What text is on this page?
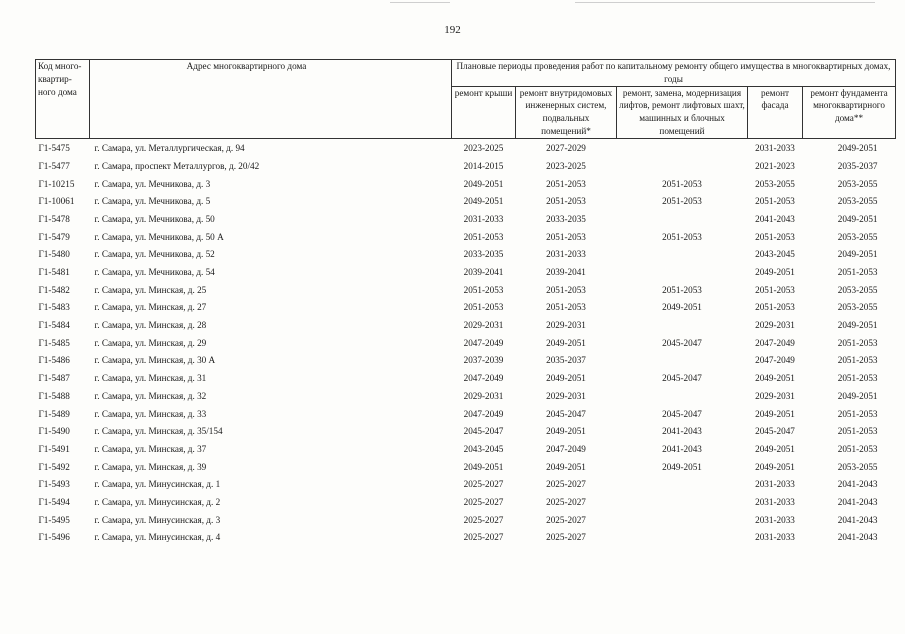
192
Код много-квартир-ного дома	Адрес многоквартирного дома	Плановые периоды проведения работ по капитальному ремонту общего имущества в многоквартирных домах, годы				
		ремонт крыши	ремонт внутридомовых инженерных систем, подвальных помещений*	ремонт, замена, модернизация лифтов, ремонт лифтовых шахт, машинных и блочных помещений	ремонт фасада	ремонт фундамента многоквартирного дома**
Г1-5475	г. Самара, ул. Металлургическая, д. 94	2023-2025	2027-2029		2031-2033	2049-2051
Г1-5477	г. Самара, проспект Металлургов, д. 20/42	2014-2015	2023-2025		2021-2023	2035-2037
Г1-10215	г. Самара, ул. Мечникова, д. 3	2049-2051	2051-2053	2051-2053	2053-2055	2053-2055
Г1-10061	г. Самара, ул. Мечникова, д. 5	2049-2051	2051-2053	2051-2053	2051-2053	2053-2055
Г1-5478	г. Самара, ул. Мечникова, д. 50	2031-2033	2033-2035		2041-2043	2049-2051
Г1-5479	г. Самара, ул. Мечникова, д. 50 А	2051-2053	2051-2053	2051-2053	2051-2053	2053-2055
Г1-5480	г. Самара, ул. Мечникова, д. 52	2033-2035	2031-2033		2043-2045	2049-2051
Г1-5481	г. Самара, ул. Мечникова, д. 54	2039-2041	2039-2041		2049-2051	2051-2053
Г1-5482	г. Самара, ул. Минская, д. 25	2051-2053	2051-2053	2051-2053	2051-2053	2053-2055
Г1-5483	г. Самара, ул. Минская, д. 27	2051-2053	2051-2053	2049-2051	2051-2053	2053-2055
Г1-5484	г. Самара, ул. Минская, д. 28	2029-2031	2029-2031		2029-2031	2049-2051
Г1-5485	г. Самара, ул. Минская, д. 29	2047-2049	2049-2051	2045-2047	2047-2049	2051-2053
Г1-5486	г. Самара, ул. Минская, д. 30 А	2037-2039	2035-2037		2047-2049	2051-2053
Г1-5487	г. Самара, ул. Минская, д. 31	2047-2049	2049-2051	2045-2047	2049-2051	2051-2053
Г1-5488	г. Самара, ул. Минская, д. 32	2029-2031	2029-2031		2029-2031	2049-2051
Г1-5489	г. Самара, ул. Минская, д. 33	2047-2049	2045-2047	2045-2047	2049-2051	2051-2053
Г1-5490	г. Самара, ул. Минская, д. 35/154	2045-2047	2049-2051	2041-2043	2045-2047	2051-2053
Г1-5491	г. Самара, ул. Минская, д. 37	2043-2045	2047-2049	2041-2043	2049-2051	2051-2053
Г1-5492	г. Самара, ул. Минская, д. 39	2049-2051	2049-2051	2049-2051	2049-2051	2053-2055
Г1-5493	г. Самара, ул. Минусинская, д. 1	2025-2027	2025-2027		2031-2033	2041-2043
Г1-5494	г. Самара, ул. Минусинская, д. 2	2025-2027	2025-2027		2031-2033	2041-2043
Г1-5495	г. Самара, ул. Минусинская, д. 3	2025-2027	2025-2027		2031-2033	2041-2043
Г1-5496	г. Самара, ул. Минусинская, д. 4	2025-2027	2025-2027		2031-2033	2041-2043
